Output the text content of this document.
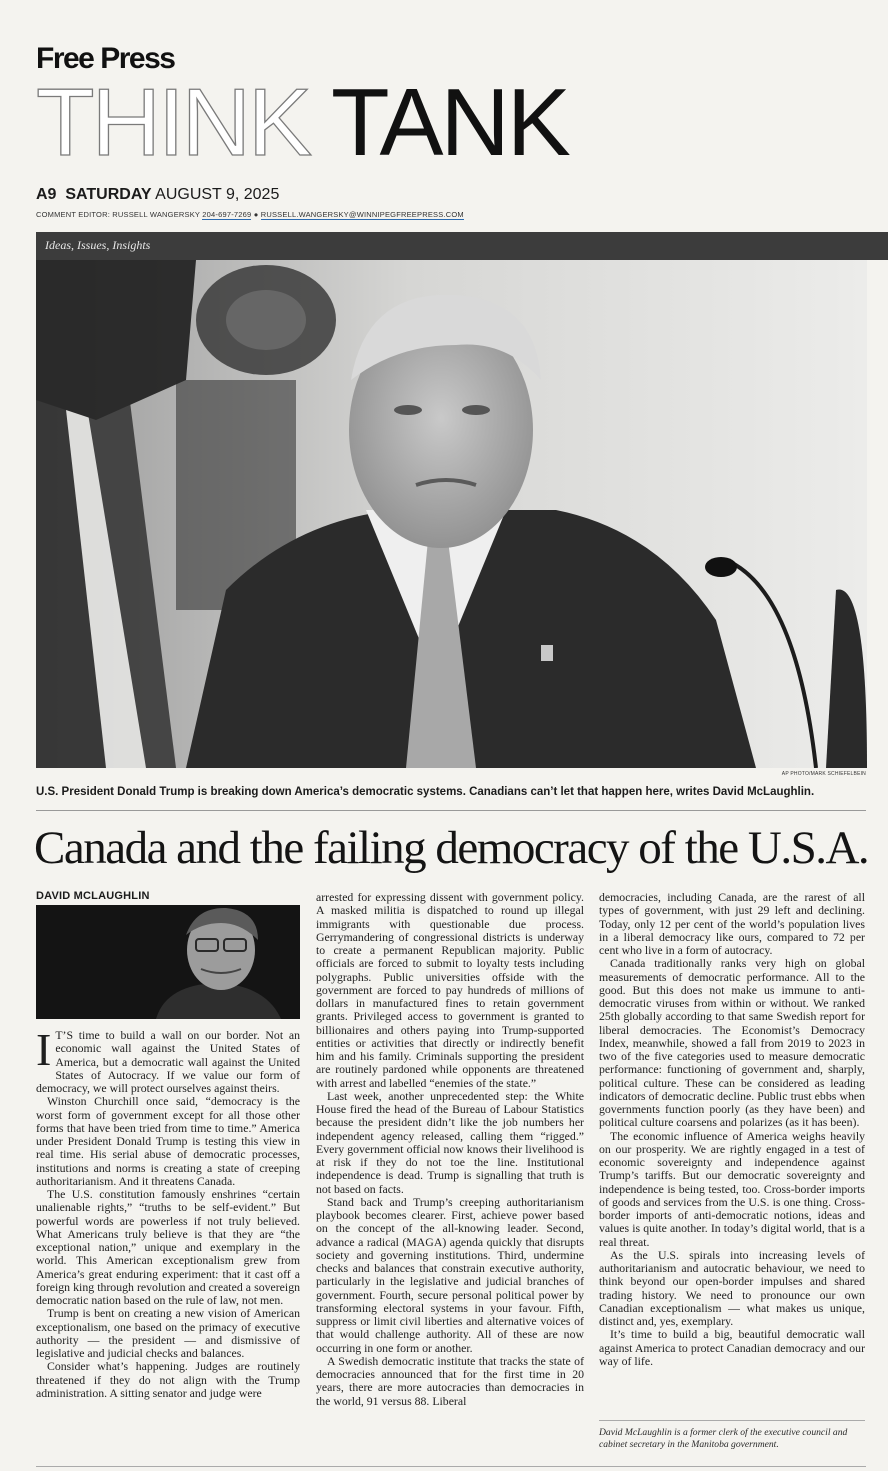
Free Press
THINK TANK
A9 SATURDAY AUGUST 9, 2025
COMMENT EDITOR: RUSSELL WANGERSKY 204-697-7269 ● RUSSELL.WANGERSKY@WINNIPEGFREEPRESS.COM
Ideas, Issues, Insights
AP PHOTO/MARK SCHIEFELBEIN
U.S. President Donald Trump is breaking down America’s democratic systems. Canadians can’t let that happen here, writes David McLaughlin.
Canada and the failing democracy of the U.S.A.
DAVID MCLAUGHLIN

I T’S time to build a wall on our border. Not an economic wall against the United States of America, but a democratic wall against the United States of Autocracy. If we value our form of democracy, we will protect ourselves against theirs.

Winston Churchill once said, “democracy is the worst form of government except for all those other forms that have been tried from time to time.” America under President Donald Trump is testing this view in real time. His serial abuse of democratic processes, institutions and norms is creating a state of creeping authoritarianism. And it threatens Canada.

The U.S. constitution famously enshrines “certain unalienable rights,” “truths to be self-evident.” But powerful words are powerless if not truly believed. What Americans truly believe is that they are “the exceptional nation,” unique and exemplary in the world. This American exceptionalism grew from America’s great enduring experiment: that it cast off a foreign king through revolution and created a sovereign democratic nation based on the rule of law, not men.

Trump is bent on creating a new vision of American exceptionalism, one based on the primacy of executive authority — the president — and dismissive of legislative and judicial checks and balances.

Consider what’s happening. Judges are routinely threatened if they do not align with the Trump administration. A sitting senator and judge were

arrested for expressing dissent with government policy. A masked militia is dispatched to round up illegal immigrants with questionable due process. Gerrymandering of congressional districts is underway to create a permanent Republican majority. Public officials are forced to submit to loyalty tests including polygraphs. Public universities offside with the government are forced to pay hundreds of millions of dollars in manufactured fines to retain government grants. Privileged access to government is granted to billionaires and others paying into Trump-supported entities or activities that directly or indirectly benefit him and his family. Criminals supporting the president are routinely pardoned while opponents are threatened with arrest and labelled “enemies of the state.”

Last week, another unprecedented step: the White House fired the head of the Bureau of Labour Statistics because the president didn’t like the job numbers her independent agency released, calling them “rigged.” Every government official now knows their livelihood is at risk if they do not toe the line. Institutional independence is dead. Trump is signalling that truth is not based on facts.

Stand back and Trump’s creeping authoritarianism playbook becomes clearer. First, achieve power based on the concept of the all-knowing leader. Second, advance a radical (MAGA) agenda quickly that disrupts society and governing institutions. Third, undermine checks and balances that constrain executive authority, particularly in the legislative and judicial branches of government. Fourth, secure personal political power by transforming electoral systems in your favour. Fifth, suppress or limit civil liberties and alternative voices of that would challenge authority. All of these are now occurring in one form or another.

A Swedish democratic institute that tracks the state of democracies announced that for the first time in 20 years, there are more autocracies than democracies in the world, 91 versus 88. Liberal

democracies, including Canada, are the rarest of all types of government, with just 29 left and declining. Today, only 12 per cent of the world’s population lives in a liberal democracy like ours, compared to 72 per cent who live in a form of autocracy.

Canada traditionally ranks very high on global measurements of democratic performance. All to the good. But this does not make us immune to anti-democratic viruses from within or without. We ranked 25th globally according to that same Swedish report for liberal democracies. The Economist’s Democracy Index, meanwhile, showed a fall from 2019 to 2023 in two of the five categories used to measure democratic performance: functioning of government and, sharply, political culture. These can be considered as leading indicators of democratic decline. Public trust ebbs when governments function poorly (as they have been) and political culture coarsens and polarizes (as it has been).

The economic influence of America weighs heavily on our prosperity. We are rightly engaged in a test of economic sovereignty and independence against Trump’s tariffs. But our democratic sovereignty and independence is being tested, too. Cross-border imports of goods and services from the U.S. is one thing. Cross-border imports of anti-democratic notions, ideas and values is quite another. In today’s digital world, that is a real threat.

As the U.S. spirals into increasing levels of authoritarianism and autocratic behaviour, we need to think beyond our open-border impulses and shared trading history. We need to pronounce our own Canadian exceptionalism — what makes us unique, distinct and, yes, exemplary.

It’s time to build a big, beautiful democratic wall against America to protect Canadian democracy and our way of life.

David McLaughlin is a former clerk of the executive council and cabinet secretary in the Manitoba government.
